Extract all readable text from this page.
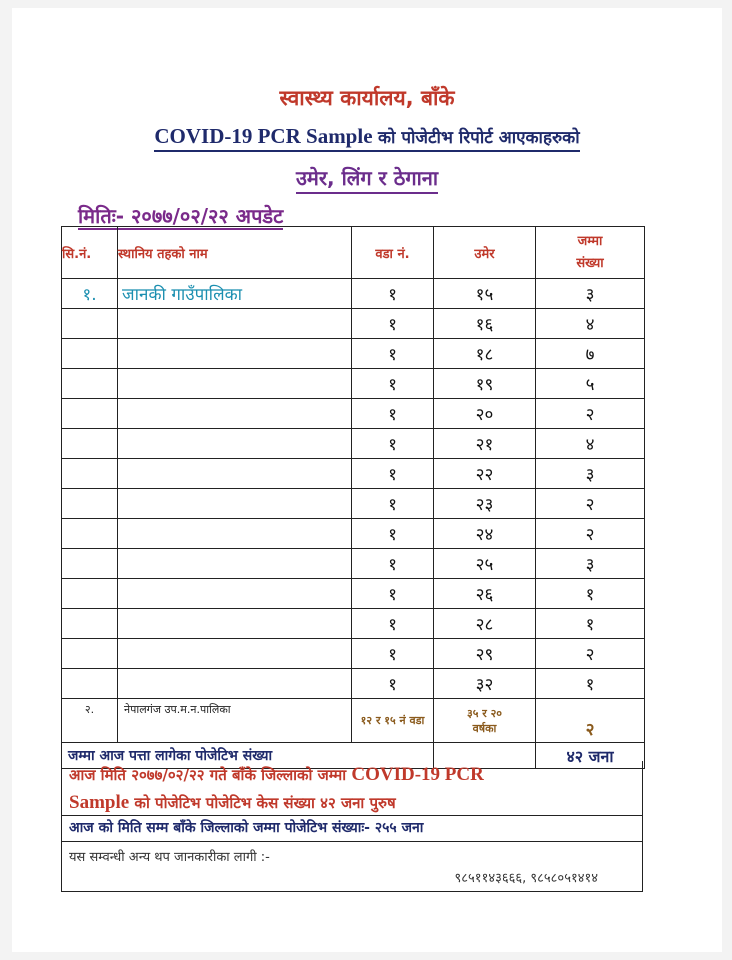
स्वास्थ्य कार्यालय, बाँके
COVID-19 PCR Sample को पोजेटीभ रिपोर्ट आएकाहरुको
उमेर, लिंग र ठेगाना
मितिः- २०७७/०२/२२ अपडेट
सि.नं.	स्थानिय तहको नाम	वडा नं.	उमेर	जम्मा संख्या
१.	जानकी गाउँपालिका	१	१५	३
		१	१६	४
		१	१८	७
		१	१९	५
		१	२०	२
		१	२१	४
		१	२२	३
		१	२३	२
		१	२४	२
		१	२५	३
		१	२६	१
		१	२८	१
		१	२९	२
		१	३२	१
२.	नेपालगंज उप.म.न.पालिका	१२ र १५ नं वडा	३५ र २० वर्षका	२
जम्मा आज पत्ता लागेका पोजेटिभ संख्या				४२ जना
आज मिति २०७७/०२/२२ गते बाँके जिल्लाको जम्मा COVID-19 PCR
Sample को पोजेटिभ पोजेटिभ केस संख्या ४२ जना पुरुष
आज को मिति सम्म बाँके जिल्लाको जम्मा पोजेटिभ संख्याः- २५५ जना
यस सम्वन्धी अन्य थप जानकारीका लागी :-
९८५११४३६६६, ९८५८०५१४१४
